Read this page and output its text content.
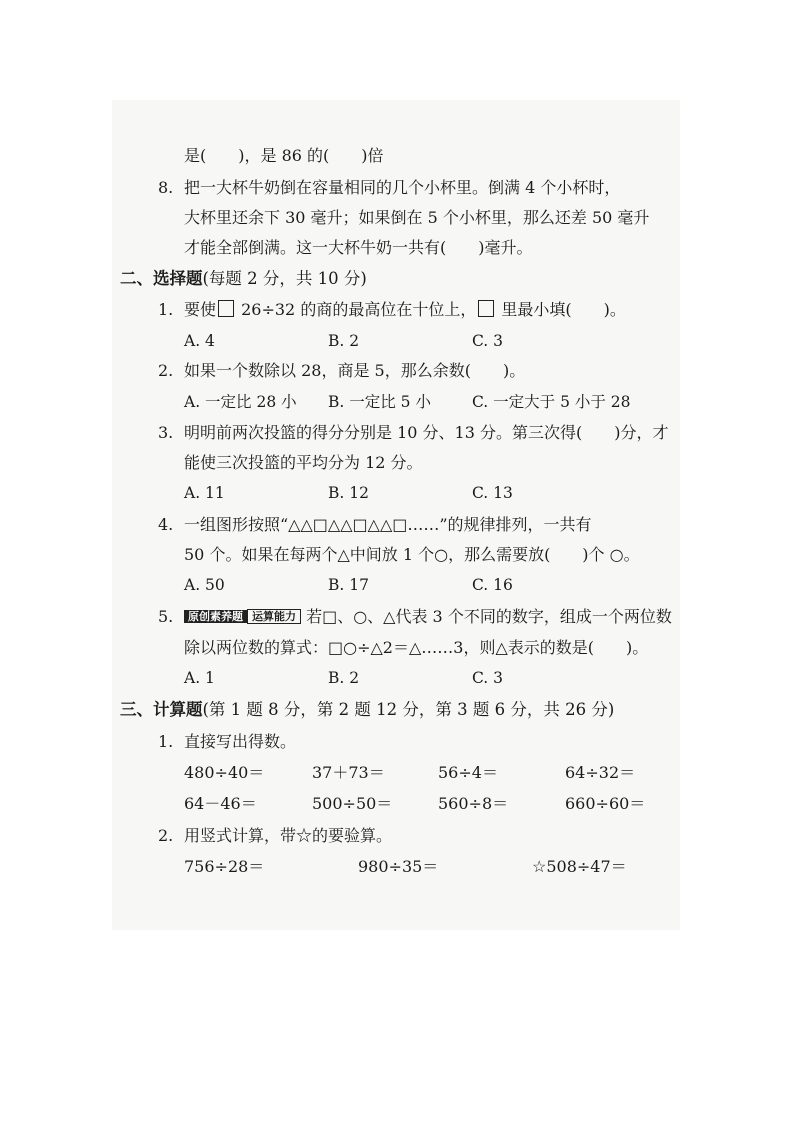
是(　　)，是 86 的(　　)倍
8. 把一大杯牛奶倒在容量相同的几个小杯里。倒满 4 个小杯时，
大杯里还余下 30 毫升；如果倒在 5 个小杯里，那么还差 50 毫升
才能全部倒满。这一大杯牛奶一共有(　　)毫升。
二、选择题(每题 2 分，共 10 分)
1. 要使 26÷32 的商的最高位在十位上， 里最小填(　　)。
A. 4	B. 2	C. 3
2. 如果一个数除以 28，商是 5，那么余数(　　)。
A. 一定比 28 小 B. 一定比 5 小	C. 一定大于 5 小于 28
3. 明明前两次投篮的得分分别是 10 分、13 分。第三次得(　　)分，才
能使三次投篮的平均分为 12 分。
A. 11	B. 12	C. 13
4. 一组图形按照“△△□△△□△△□……”的规律排列，一共有
50 个。如果在每两个△中间放 1 个○，那么需要放(　　)个 ○。
A. 50	B. 17	C. 16
5.	原创素养题 运算能力 若□、○、△代表 3 个不同的数字，组成一个两位数
除以两位数的算式：□○÷△2＝△……3，则△表示的数是(　　)。
A. 1	B. 2	C. 3
三、计算题(第 1 题 8 分，第 2 题 12 分，第 3 题 6 分，共 26 分)
1. 直接写出得数。
480÷40＝	37＋73＝	56÷4＝	64÷32＝
64－46＝	500÷50＝	560÷8＝	660÷60＝
2. 用竖式计算，带☆的要验算。
756÷28＝	980÷35＝	☆508÷47＝
